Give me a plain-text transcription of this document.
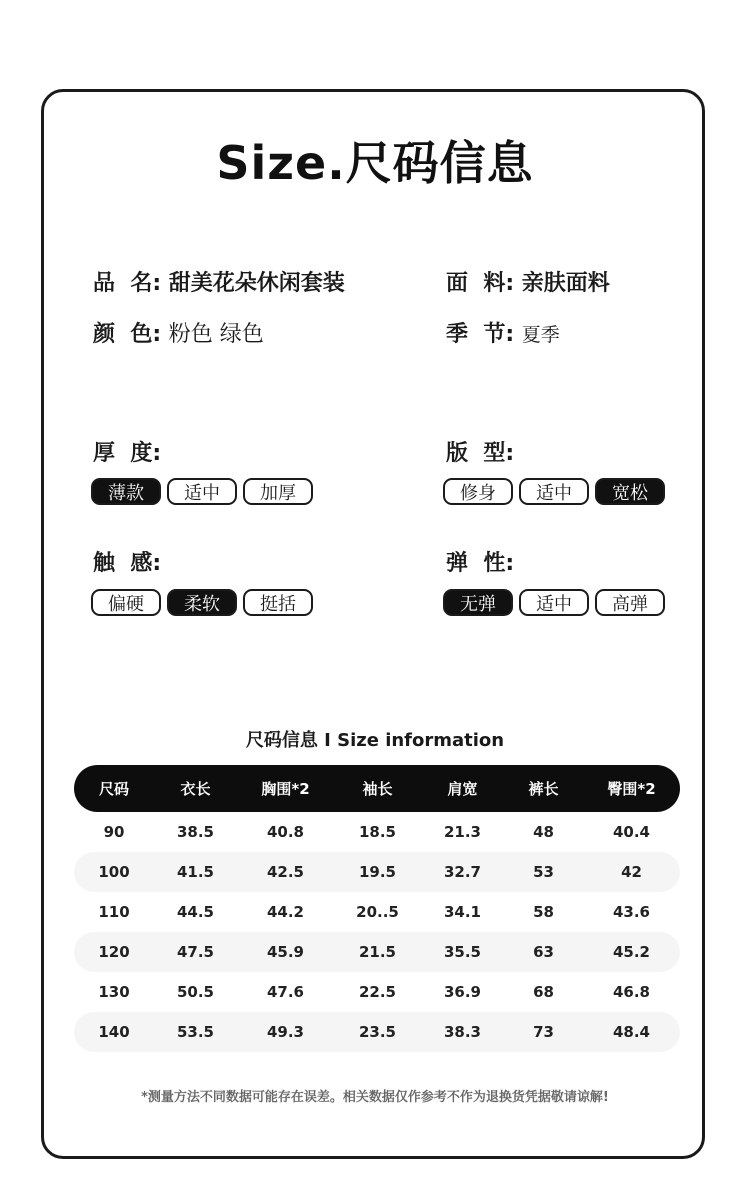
Size.尺码信息
品  名: 甜美花朵休闲套装	面  料: 亲肤面料
颜  色: 粉色 绿色	季  节: 夏季
厚  度:
薄款	适中	加厚
版  型:
修身	适中	宽松
触  感:
偏硬	柔软	挺括
弹  性:
无弹	适中	高弹
尺码信息 I Size information
尺码	衣长	胸围*2	袖长	肩宽	裤长	臀围*2
90	38.5	40.8	18.5	21.3	48	40.4
100	41.5	42.5	19.5	32.7	53	42
110	44.5	44.2	20..5	34.1	58	43.6
120	47.5	45.9	21.5	35.5	63	45.2
130	50.5	47.6	22.5	36.9	68	46.8
140	53.5	49.3	23.5	38.3	73	48.4
*测量方法不同数据可能存在误差。相关数据仅作参考不作为退换货凭据敬请谅解!
